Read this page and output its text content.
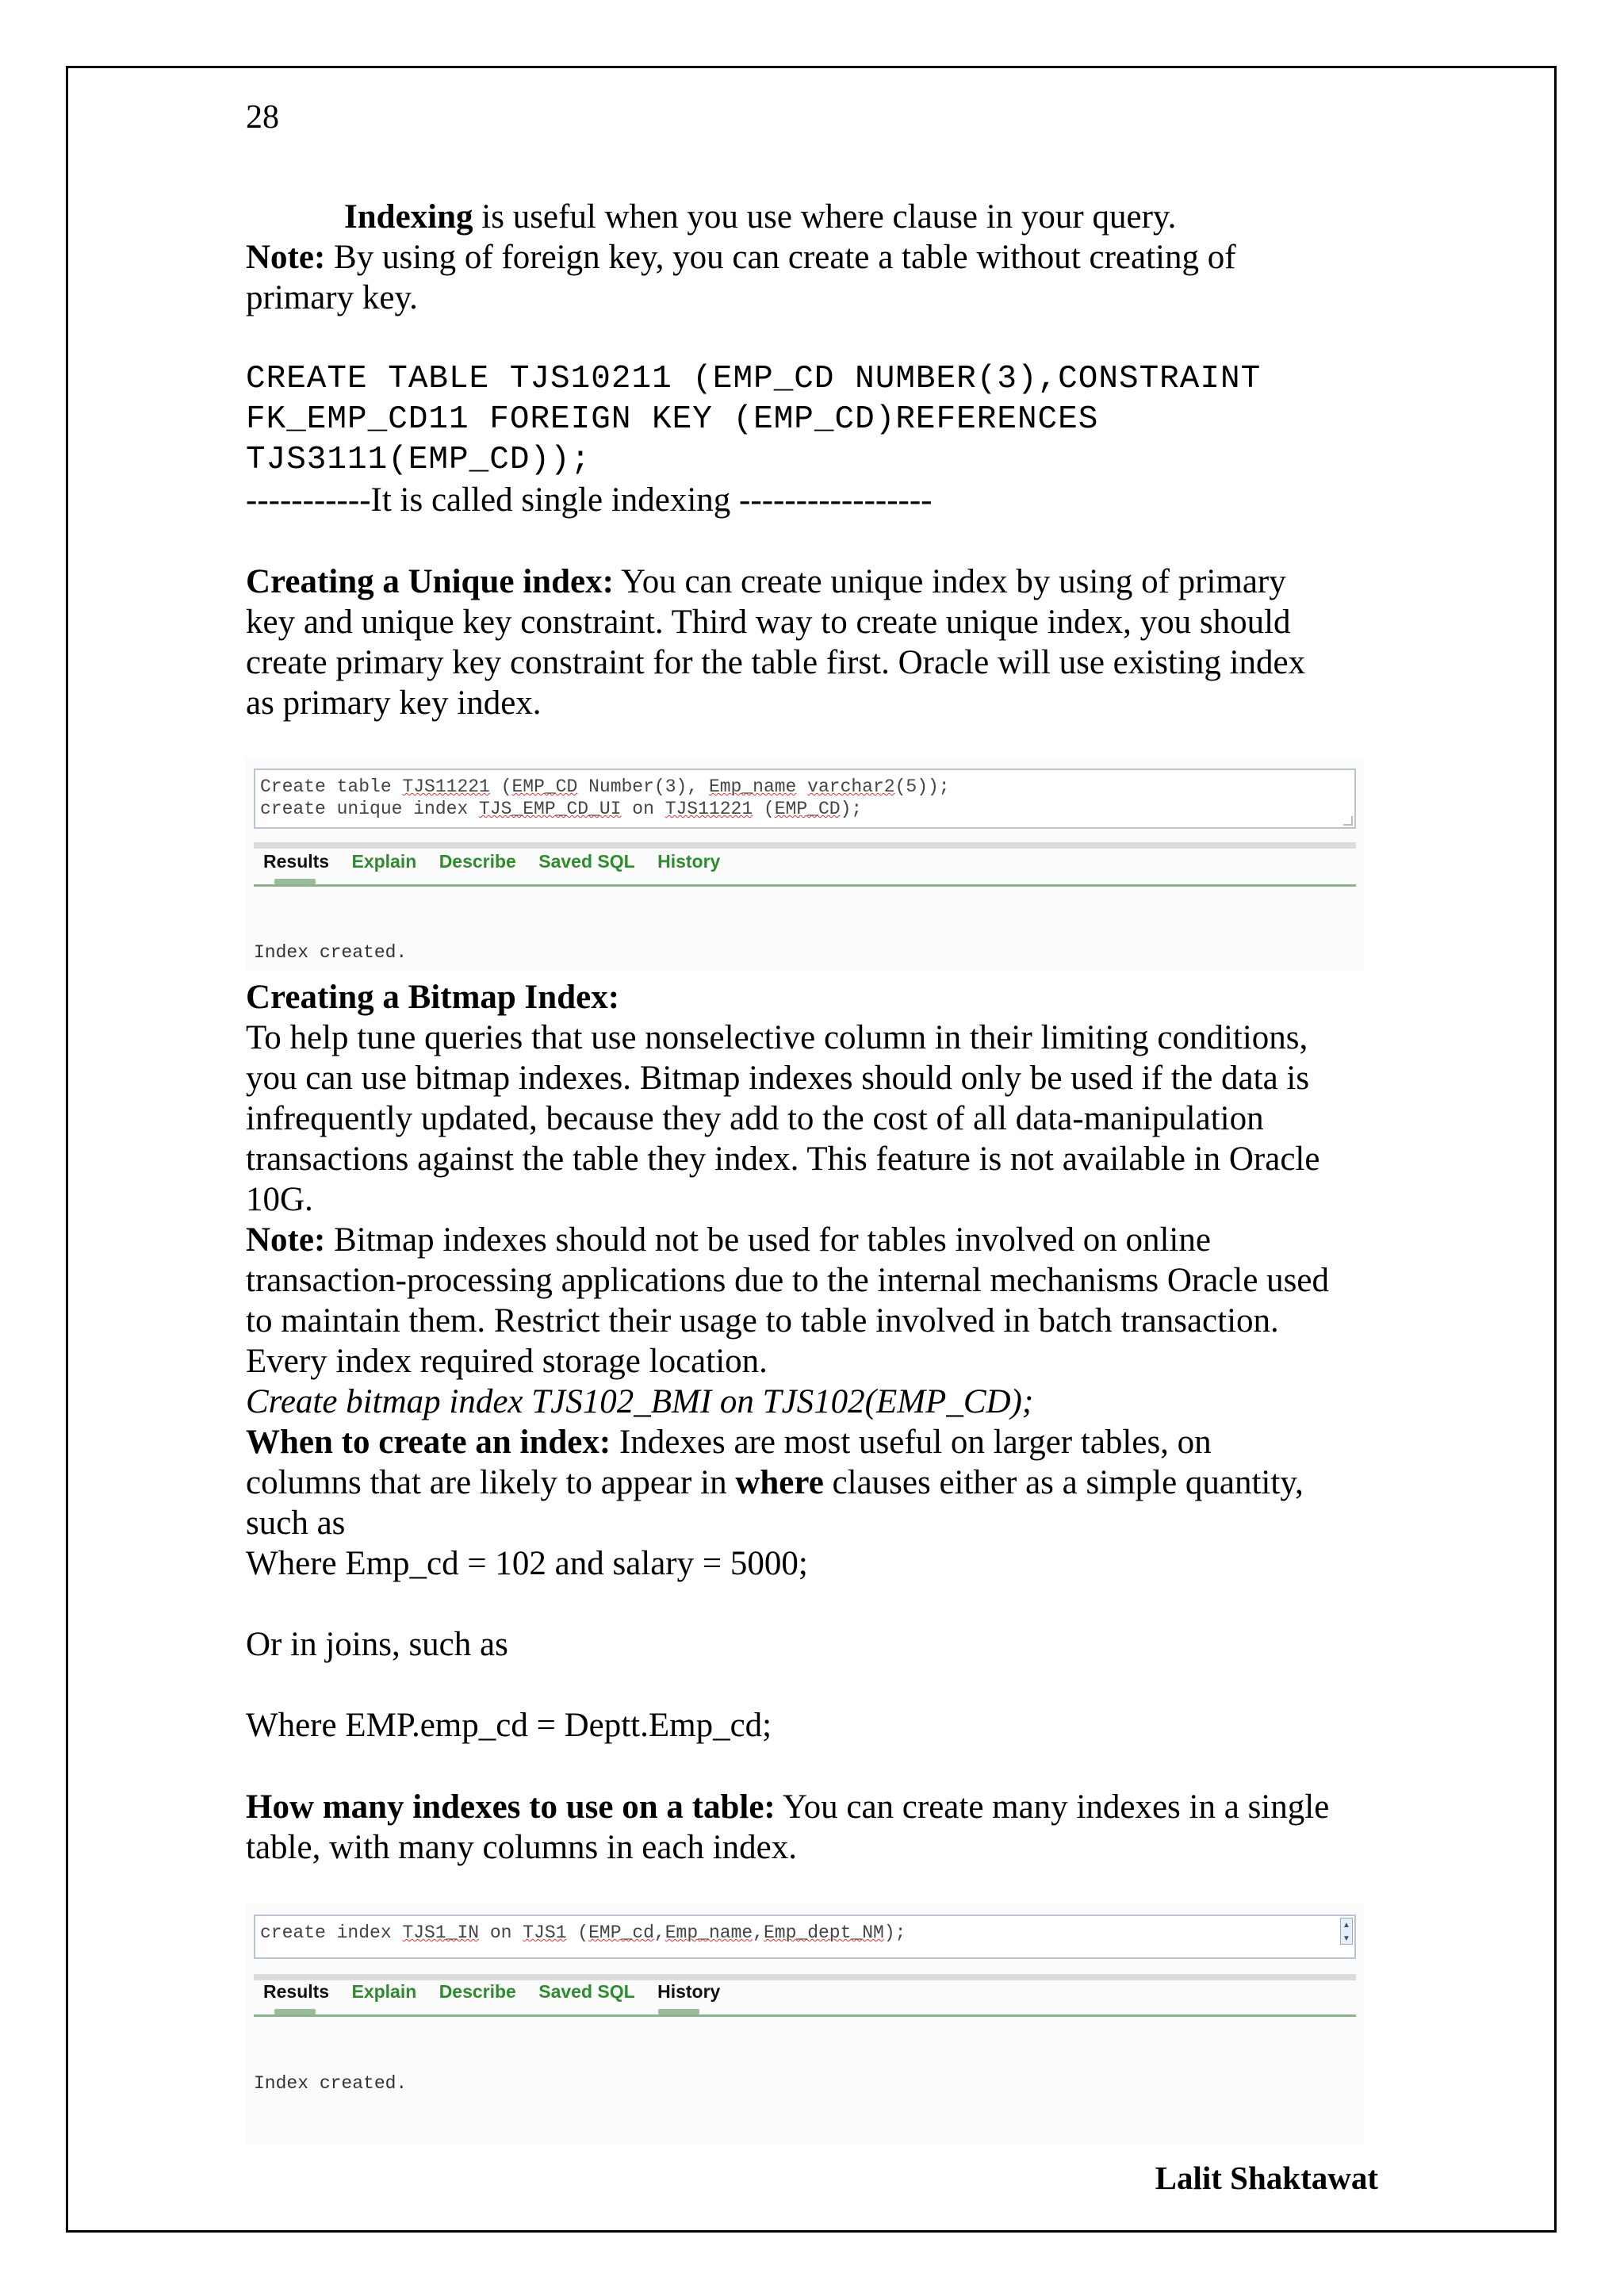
28
Indexing is useful when you use where clause in your query.
Note: By using of foreign key, you can create a table without creating of
primary key.
CREATE TABLE TJS10211 (EMP_CD NUMBER(3),CONSTRAINT
FK_EMP_CD11 FOREIGN KEY (EMP_CD)REFERENCES
TJS3111(EMP_CD));
-----------It is called single indexing -----------------
Creating a Unique index: You can create unique index by using of primary
key and unique key constraint. Third way to create unique index, you should
create primary key constraint for the table first. Oracle will use existing index
as primary key index.
Create table TJS11221 (EMP_CD Number(3), Emp_name varchar2(5));
create unique index TJS_EMP_CD_UI on TJS11221 (EMP_CD);
Results Explain Describe Saved SQL History
Index created.
Creating a Bitmap Index:
To help tune queries that use nonselective column in their limiting conditions,
you can use bitmap indexes. Bitmap indexes should only be used if the data is
infrequently updated, because they add to the cost of all data-manipulation
transactions against the table they index. This feature is not available in Oracle
10G.
Note: Bitmap indexes should not be used for tables involved on online
transaction-processing applications due to the internal mechanisms Oracle used
to maintain them. Restrict their usage to table involved in batch transaction.
Every index required storage location.
Create bitmap index TJS102_BMI on TJS102(EMP_CD);
When to create an index: Indexes are most useful on larger tables, on
columns that are likely to appear in where clauses either as a simple quantity,
such as
Where Emp_cd = 102 and salary = 5000;
Or in joins, such as
Where EMP.emp_cd = Deptt.Emp_cd;
How many indexes to use on a table: You can create many indexes in a single
table, with many columns in each index.
create index TJS1_IN on TJS1 (EMP_cd,Emp_name,Emp_dept_NM);	▲
▼
Results Explain Describe Saved SQL History
Index created.
Lalit Shaktawat
